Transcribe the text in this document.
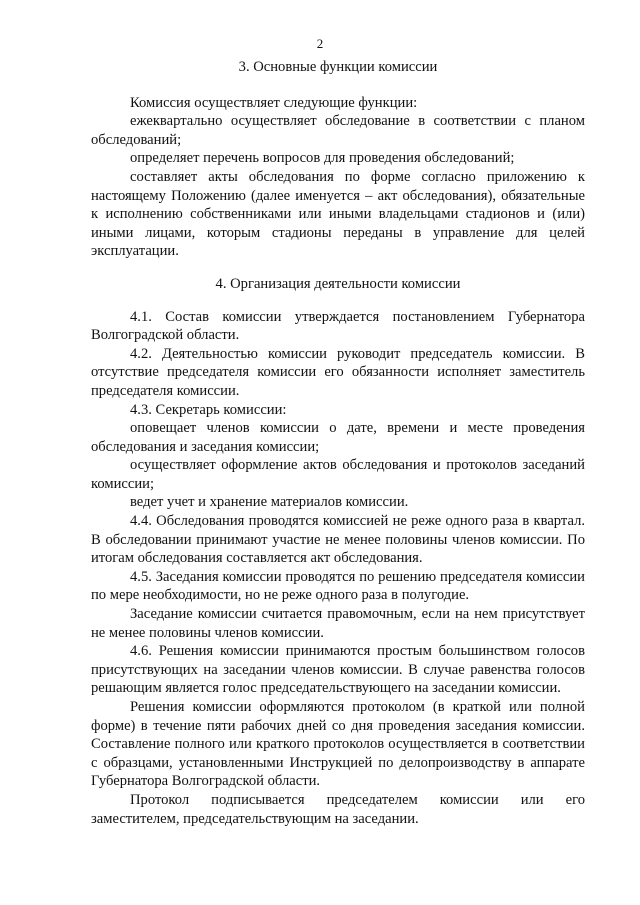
2
3. Основные функции комиссии

Комиссия осуществляет следующие функции:

ежеквартально осуществляет обследование в соответствии с планом обследований;

определяет перечень вопросов для проведения обследований;

составляет акты обследования по форме согласно приложению к настоящему Положению (далее именуется – акт обследования), обязательные к исполнению собственниками или иными владельцами стадионов и (или) иными лицами, которым стадионы переданы в управление для целей эксплуатации.

4. Организация деятельности комиссии

4.1. Состав комиссии утверждается постановлением Губернатора Волгоградской области.

4.2. Деятельностью комиссии руководит председатель комиссии. В отсутствие председателя комиссии его обязанности исполняет заместитель председателя комиссии.

4.3. Секретарь комиссии:

оповещает членов комиссии о дате, времени и месте проведения обследования и заседания комиссии;

осуществляет оформление актов обследования и протоколов заседаний комиссии;

ведет учет и хранение материалов комиссии.

4.4. Обследования проводятся комиссией не реже одного раза в квартал. В обследовании принимают участие не менее половины членов комиссии. По итогам обследования составляется акт обследования.

4.5. Заседания комиссии проводятся по решению председателя комиссии по мере необходимости, но не реже одного раза в полугодие.

Заседание комиссии считается правомочным, если на нем присутствует не менее половины членов комиссии.

4.6. Решения комиссии принимаются простым большинством голосов присутствующих на заседании членов комиссии. В случае равенства голосов решающим является голос председательствующего на заседании комиссии.

Решения комиссии оформляются протоколом (в краткой или полной форме) в течение пяти рабочих дней со дня проведения заседания комиссии. Составление полного или краткого протоколов осуществляется в соответствии с образцами, установленными Инструкцией по делопроизводству в аппарате Губернатора Волгоградской области.

Протокол подписывается председателем комиссии или его заместителем, председательствующим на заседании.
